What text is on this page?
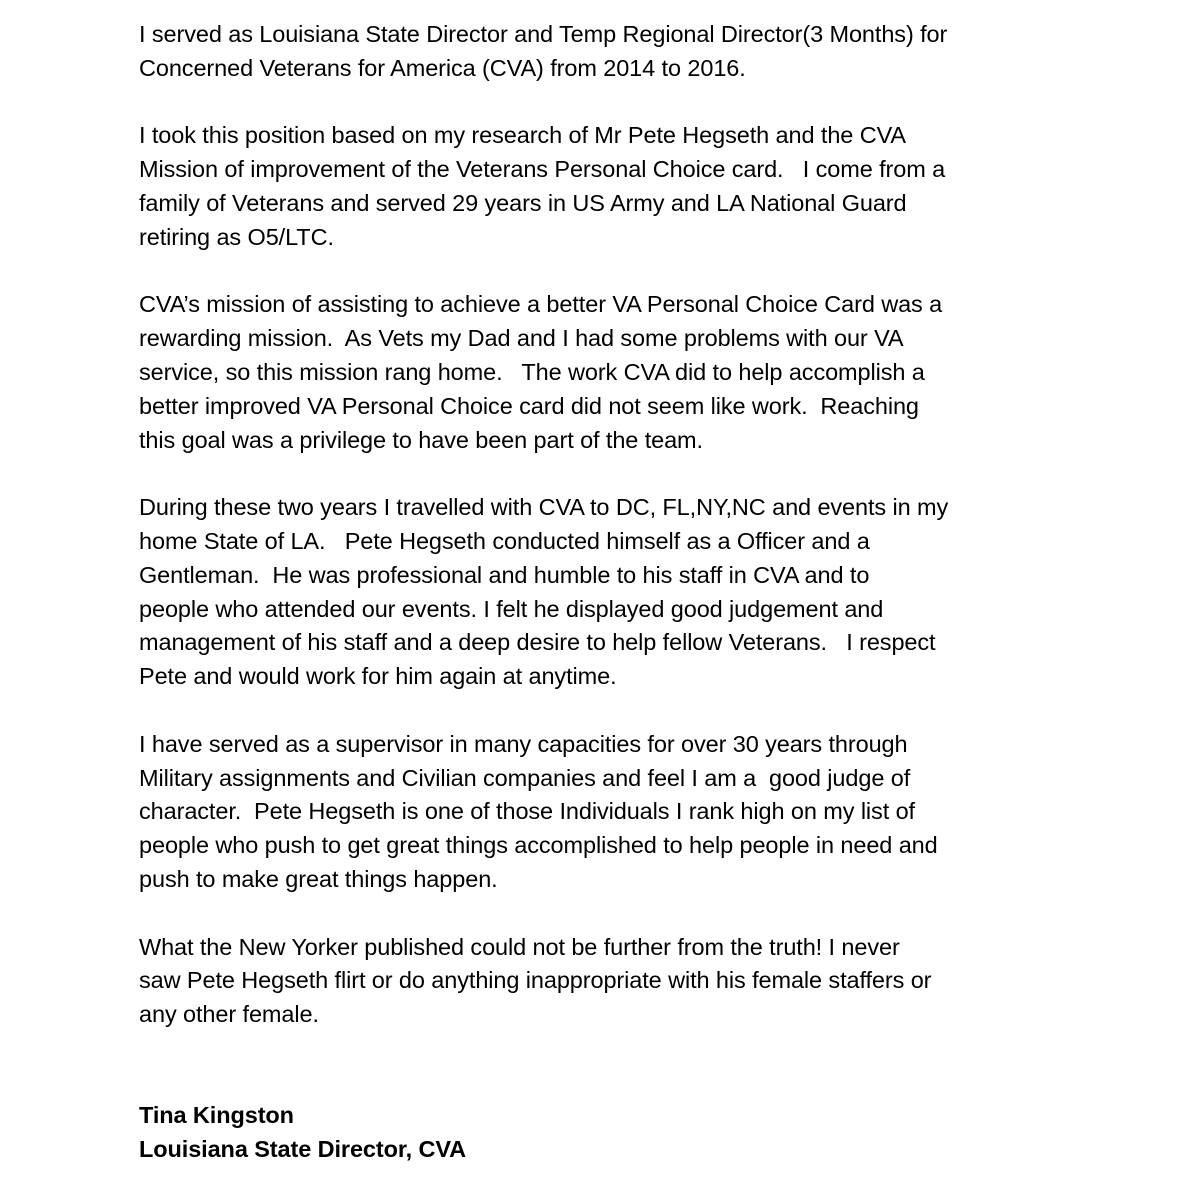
I served as Louisiana State Director and Temp Regional Director(3 Months) for
Concerned Veterans for America (CVA) from 2014 to 2016.

I took this position based on my research of Mr Pete Hegseth and the CVA
Mission of improvement of the Veterans Personal Choice card.   I come from a
family of Veterans and served 29 years in US Army and LA National Guard
retiring as O5/LTC.

CVA’s mission of assisting to achieve a better VA Personal Choice Card was a
rewarding mission.  As Vets my Dad and I had some problems with our VA
service, so this mission rang home.   The work CVA did to help accomplish a
better improved VA Personal Choice card did not seem like work.  Reaching
this goal was a privilege to have been part of the team.

During these two years I travelled with CVA to DC, FL,NY,NC and events in my
home State of LA.   Pete Hegseth conducted himself as a Officer and a
Gentleman.  He was professional and humble to his staff in CVA and to
people who attended our events. I felt he displayed good judgement and
management of his staff and a deep desire to help fellow Veterans.   I respect
Pete and would work for him again at anytime.

I have served as a supervisor in many capacities for over 30 years through
Military assignments and Civilian companies and feel I am a  good judge of
character.  Pete Hegseth is one of those Individuals I rank high on my list of
people who push to get great things accomplished to help people in need and
push to make great things happen.

What the New Yorker published could not be further from the truth! I never
saw Pete Hegseth flirt or do anything inappropriate with his female staffers or
any other female.

Tina Kingston
Louisiana State Director, CVA
